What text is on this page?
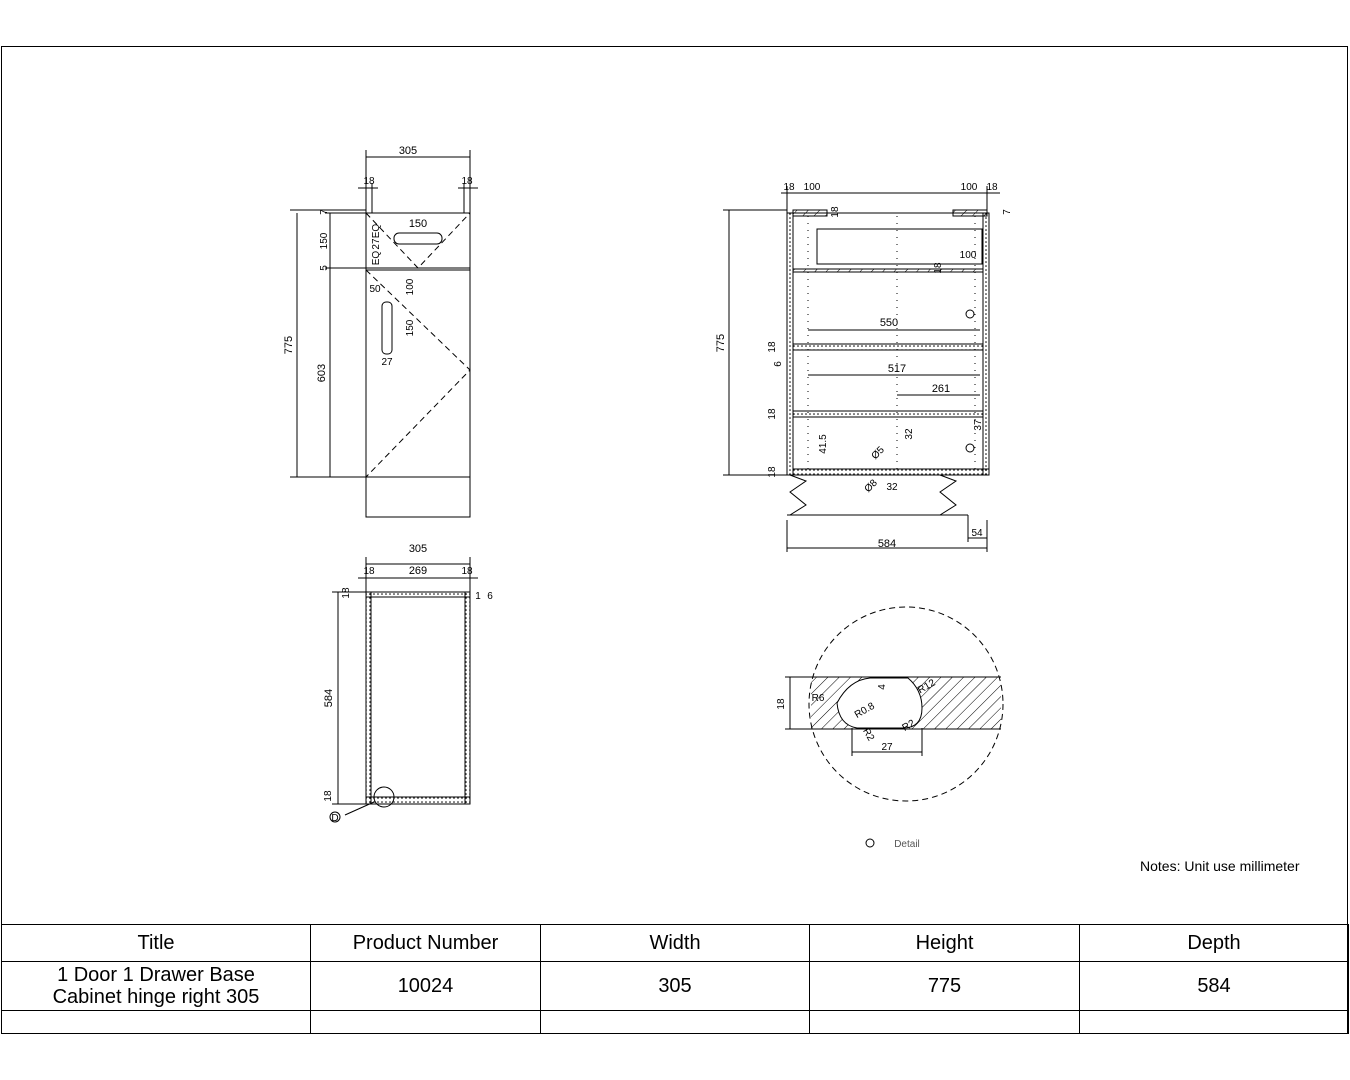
305
18	18
775
7
150
5
603
EQ
27
EQ
150
50 100
150
27
305
269
18	18
584
18
18
1 6
D
775
18 100	100 18
7
18
100
18
18
6
18
18
550
517
261
Ø5
32
Ø8 32
41.5
37
584
54
18 R6
R0.8
R12
R2
R2
4
27
Detail
Notes: Unit use millimeter
Title	Product Number	Width	Height	Depth

1 Door 1 Drawer Base
Cabinet hinge right 305	10024	305	775	584
